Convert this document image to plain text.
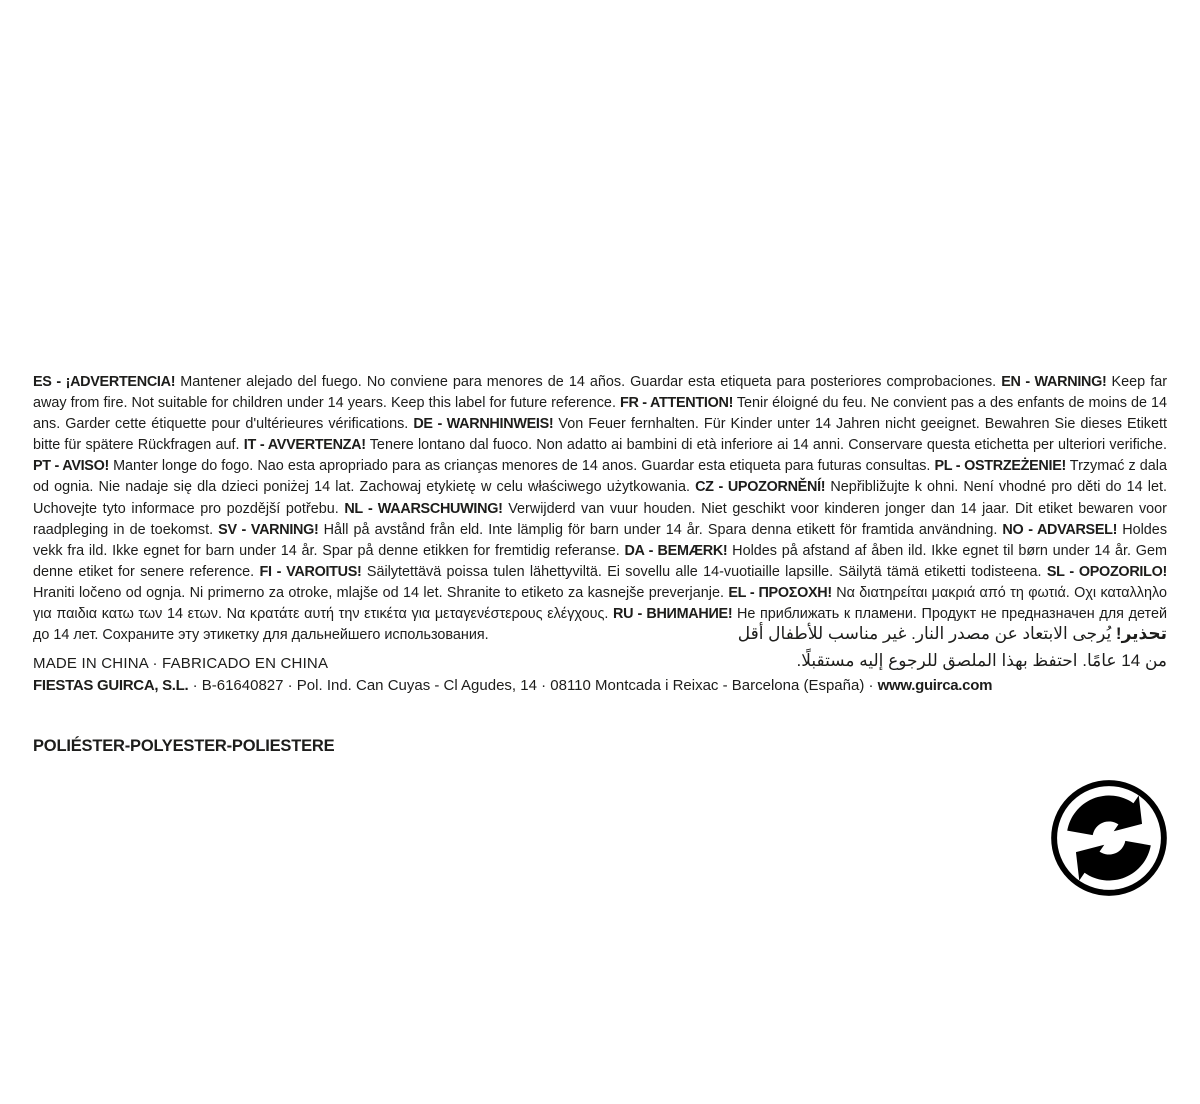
ES - ¡ADVERTENCIA! Mantener alejado del fuego. No conviene para menores de 14 años. Guardar esta etiqueta para posteriores comprobaciones. EN - WARNING! Keep far away from fire. Not suitable for children under 14 years. Keep this label for future reference. FR - ATTENTION! Tenir éloigné du feu. Ne convient pas a des enfants de moins de 14 ans. Garder cette étiquette pour d'ultérieures vérifications. DE - WARNHINWEIS! Von Feuer fernhalten. Für Kinder unter 14 Jahren nicht geeignet. Bewahren Sie dieses Etikett bitte für spätere Rückfragen auf. IT - AVVERTENZA! Tenere lontano dal fuoco. Non adatto ai bambini di età inferiore ai 14 anni. Conservare questa etichetta per ulteriori verifiche. PT - AVISO! Manter longe do fogo. Nao esta apropriado para as crianças menores de 14 anos. Guardar esta etiqueta para futuras consultas. PL - OSTRZEŻENIE! Trzymać z dala od ognia. Nie nadaje się dla dzieci poniżej 14 lat. Zachowaj etykietę w celu właściwego użytkowania. CZ - UPOZORNĚNÍ! Nepřibližujte k ohni. Není vhodné pro děti do 14 let. Uchovejte tyto informace pro pozdější potřebu. NL - WAARSCHUWING! Verwijderd van vuur houden. Niet geschikt voor kinderen jonger dan 14 jaar. Dit etiket bewaren voor raadpleging in de toekomst. SV - VARNING! Håll på avstånd från eld. Inte lämplig för barn under 14 år. Spara denna etikett för framtida användning. NO - ADVARSEL! Holdes vekk fra ild. Ikke egnet for barn under 14 år. Spar på denne etikken for fremtidig referanse. DA - BEMÆRK! Holdes på afstand af åben ild. Ikke egnet til børn under 14 år. Gem denne etiket for senere reference. FI - VAROITUS! Säilytettävä poissa tulen lähettyviltä. Ei sovellu alle 14-vuotiaille lapsille. Säilytä tämä etiketti todisteena. SL - OPOZORILO! Hraniti ločeno od ognja. Ni primerno za otroke, mlajše od 14 let. Shranite to etiketo za kasnejše preverjanje. EL - ΠΡΟΣΟΧΗ! Να διατηρείται μακριά από τη φωτιά. Οχι καταλληλο για παιδια κατω των 14 ετων. Να κρατάτε αυτή την ετικέτα για μεταγενέστερους ελέγχους. RU - ВНИМАНИЕ! Не приближать к пламени. Продукт не предназначен для детей до 14 лет. Сохраните эту этикетку для дальнейшего использования.	تحذير! يُرجى الابتعاد عن مصدر النار. غير مناسب للأطفال أقل
من 14 عامًا. احتفظ بهذا الملصق للرجوع إليه مستقبلًا.
MADE IN CHINA · FABRICADO EN CHINA
FIESTAS GUIRCA, S.L. · B-61640827 · Pol. Ind. Can Cuyas - Cl Agudes, 14 · 08110 Montcada i Reixac - Barcelona (España) · www.guirca.com
POLIÉSTER-POLYESTER-POLIESTERE
